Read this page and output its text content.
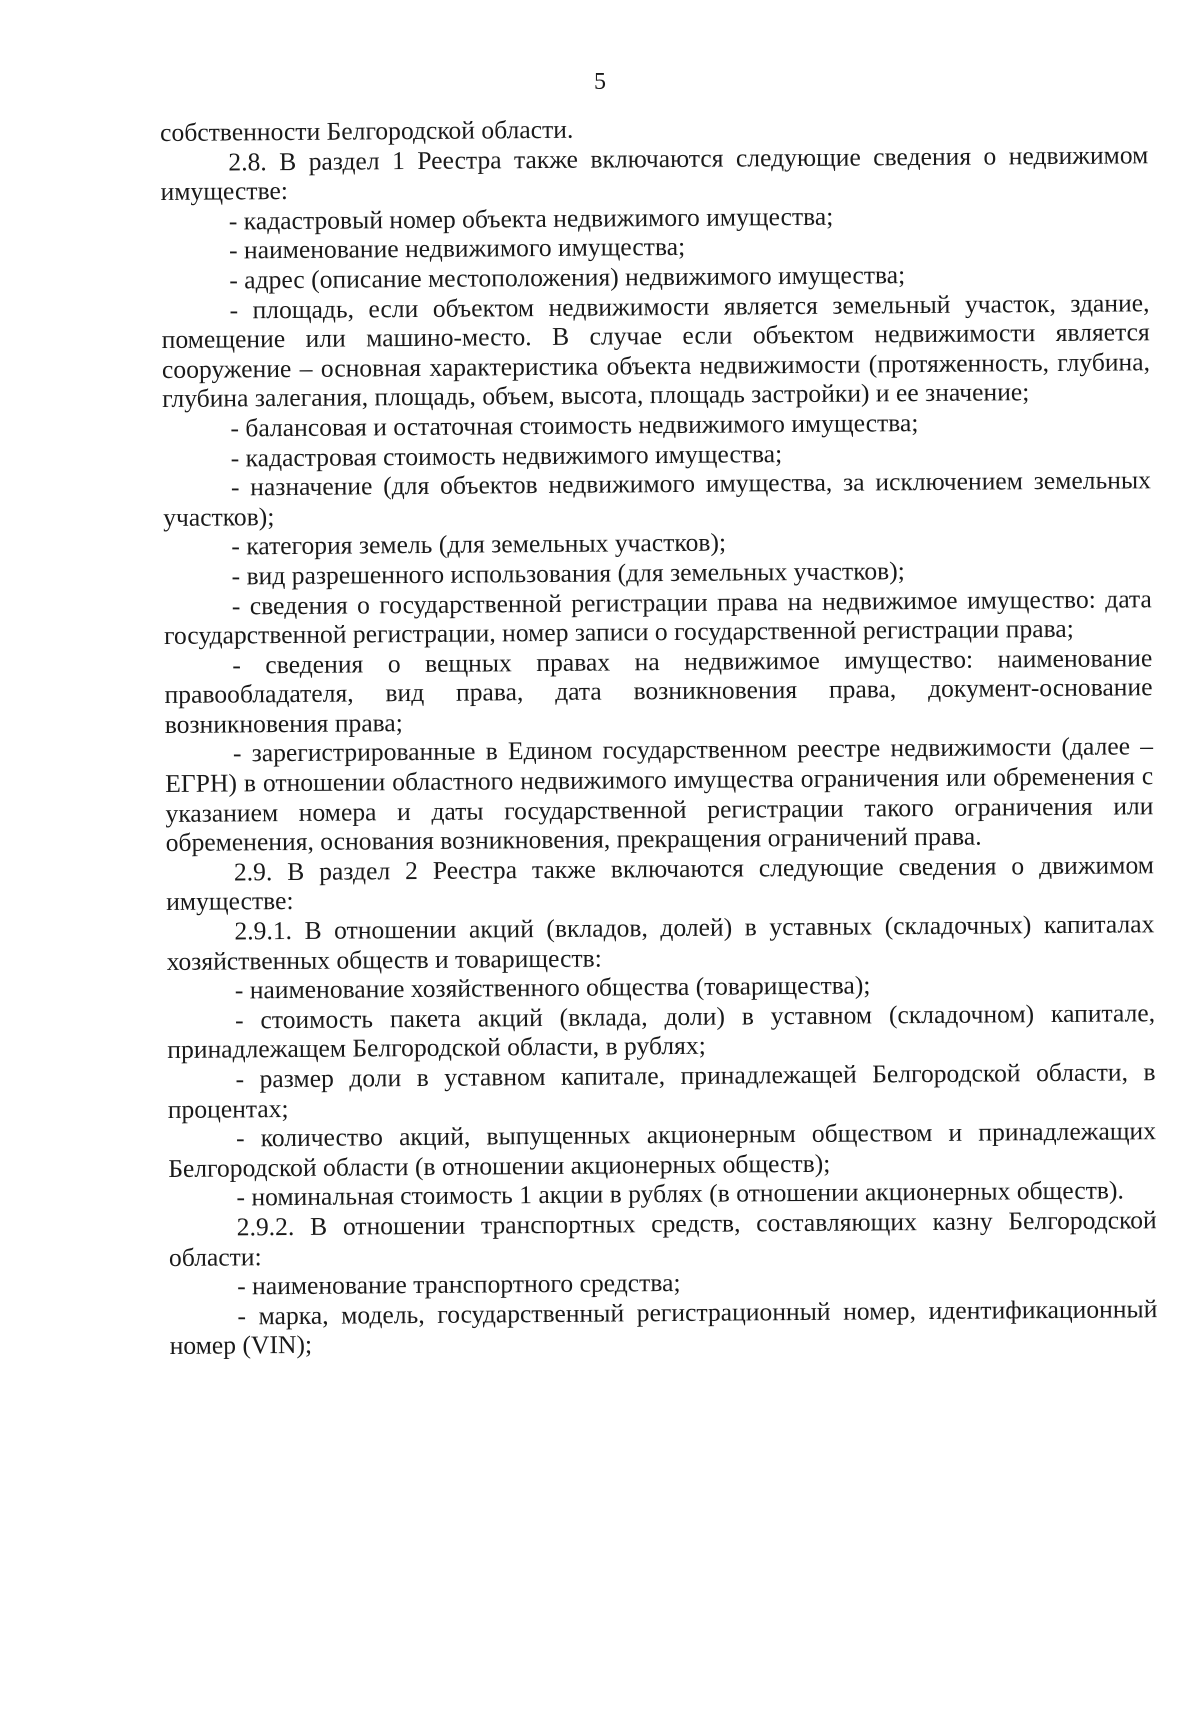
5

собственности Белгородской области.

2.8. В раздел 1 Реестра также включаются следующие сведения о недвижимом имуществе:

- кадастровый номер объекта недвижимого имущества;

- наименование недвижимого имущества;

- адрес (описание местоположения) недвижимого имущества;

- площадь, если объектом недвижимости является земельный участок, здание, помещение или машино-место. В случае если объектом недвижимости является сооружение – основная характеристика объекта недвижимости (протяженность, глубина, глубина залегания, площадь, объем, высота, площадь застройки) и ее значение;

- балансовая и остаточная стоимость недвижимого имущества;

- кадастровая стоимость недвижимого имущества;

- назначение (для объектов недвижимого имущества, за исключением земельных участков);

- категория земель (для земельных участков);

- вид разрешенного использования (для земельных участков);

- сведения о государственной регистрации права на недвижимое имущество: дата государственной регистрации, номер записи о государственной регистрации права;

- сведения о вещных правах на недвижимое имущество: наименование правообладателя, вид права, дата возникновения права, документ-основание возникновения права;

- зарегистрированные в Едином государственном реестре недвижимости (далее – ЕГРН) в отношении областного недвижимого имущества ограничения или обременения с указанием номера и даты государственной регистрации такого ограничения или обременения, основания возникновения, прекращения ограничений права.

2.9. В раздел 2 Реестра также включаются следующие сведения о движимом имуществе:

2.9.1. В отношении акций (вкладов, долей) в уставных (складочных) капиталах хозяйственных обществ и товариществ:

- наименование хозяйственного общества (товарищества);

- стоимость пакета акций (вклада, доли) в уставном (складочном) капитале, принадлежащем Белгородской области, в рублях;

- размер доли в уставном капитале, принадлежащей Белгородской области, в процентах;

- количество акций, выпущенных акционерным обществом и принадлежащих Белгородской области (в отношении акционерных обществ);

- номинальная стоимость 1 акции в рублях (в отношении акционерных обществ).

2.9.2. В отношении транспортных средств, составляющих казну Белгородской области:

- наименование транспортного средства;

- марка, модель, государственный регистрационный номер, идентификационный номер (VIN);
